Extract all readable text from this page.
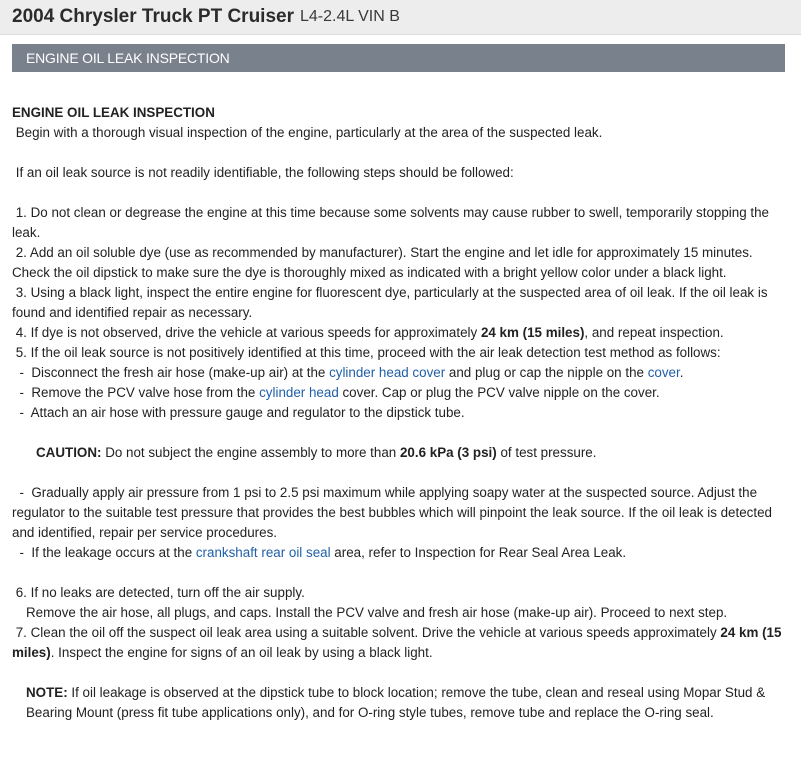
2004 Chrysler Truck PT Cruiser L4-2.4L VIN B
ENGINE OIL LEAK INSPECTION

ENGINE OIL LEAK INSPECTION

Begin with a thorough visual inspection of the engine, particularly at the area of the suspected leak.

If an oil leak source is not readily identifiable, the following steps should be followed:

1. Do not clean or degrease the engine at this time because some solvents may cause rubber to swell, temporarily stopping the leak.

2. Add an oil soluble dye (use as recommended by manufacturer). Start the engine and let idle for approximately 15 minutes. Check the oil dipstick to make sure the dye is thoroughly mixed as indicated with a bright yellow color under a black light.

3. Using a black light, inspect the entire engine for fluorescent dye, particularly at the suspected area of oil leak. If the oil leak is found and identified repair as necessary.

4. If dye is not observed, drive the vehicle at various speeds for approximately 24 km (15 miles), and repeat inspection.

5. If the oil leak source is not positively identified at this time, proceed with the air leak detection test method as follows:

-  Disconnect the fresh air hose (make-up air) at the cylinder head cover and plug or cap the nipple on the cover.

-  Remove the PCV valve hose from the cylinder head cover. Cap or plug the PCV valve nipple on the cover.

-  Attach an air hose with pressure gauge and regulator to the dipstick tube.

CAUTION: Do not subject the engine assembly to more than 20.6 kPa (3 psi) of test pressure.

-  Gradually apply air pressure from 1 psi to 2.5 psi maximum while applying soapy water at the suspected source. Adjust the regulator to the suitable test pressure that provides the best bubbles which will pinpoint the leak source. If the oil leak is detected and identified, repair per service procedures.

-  If the leakage occurs at the crankshaft rear oil seal area, refer to Inspection for Rear Seal Area Leak.

6. If no leaks are detected, turn off the air supply.

Remove the air hose, all plugs, and caps. Install the PCV valve and fresh air hose (make-up air). Proceed to next step.

7. Clean the oil off the suspect oil leak area using a suitable solvent. Drive the vehicle at various speeds approximately 24 km (15 miles). Inspect the engine for signs of an oil leak by using a black light.

NOTE: If oil leakage is observed at the dipstick tube to block location; remove the tube, clean and reseal using Mopar Stud & Bearing Mount (press fit tube applications only), and for O-ring style tubes, remove tube and replace the O-ring seal.
